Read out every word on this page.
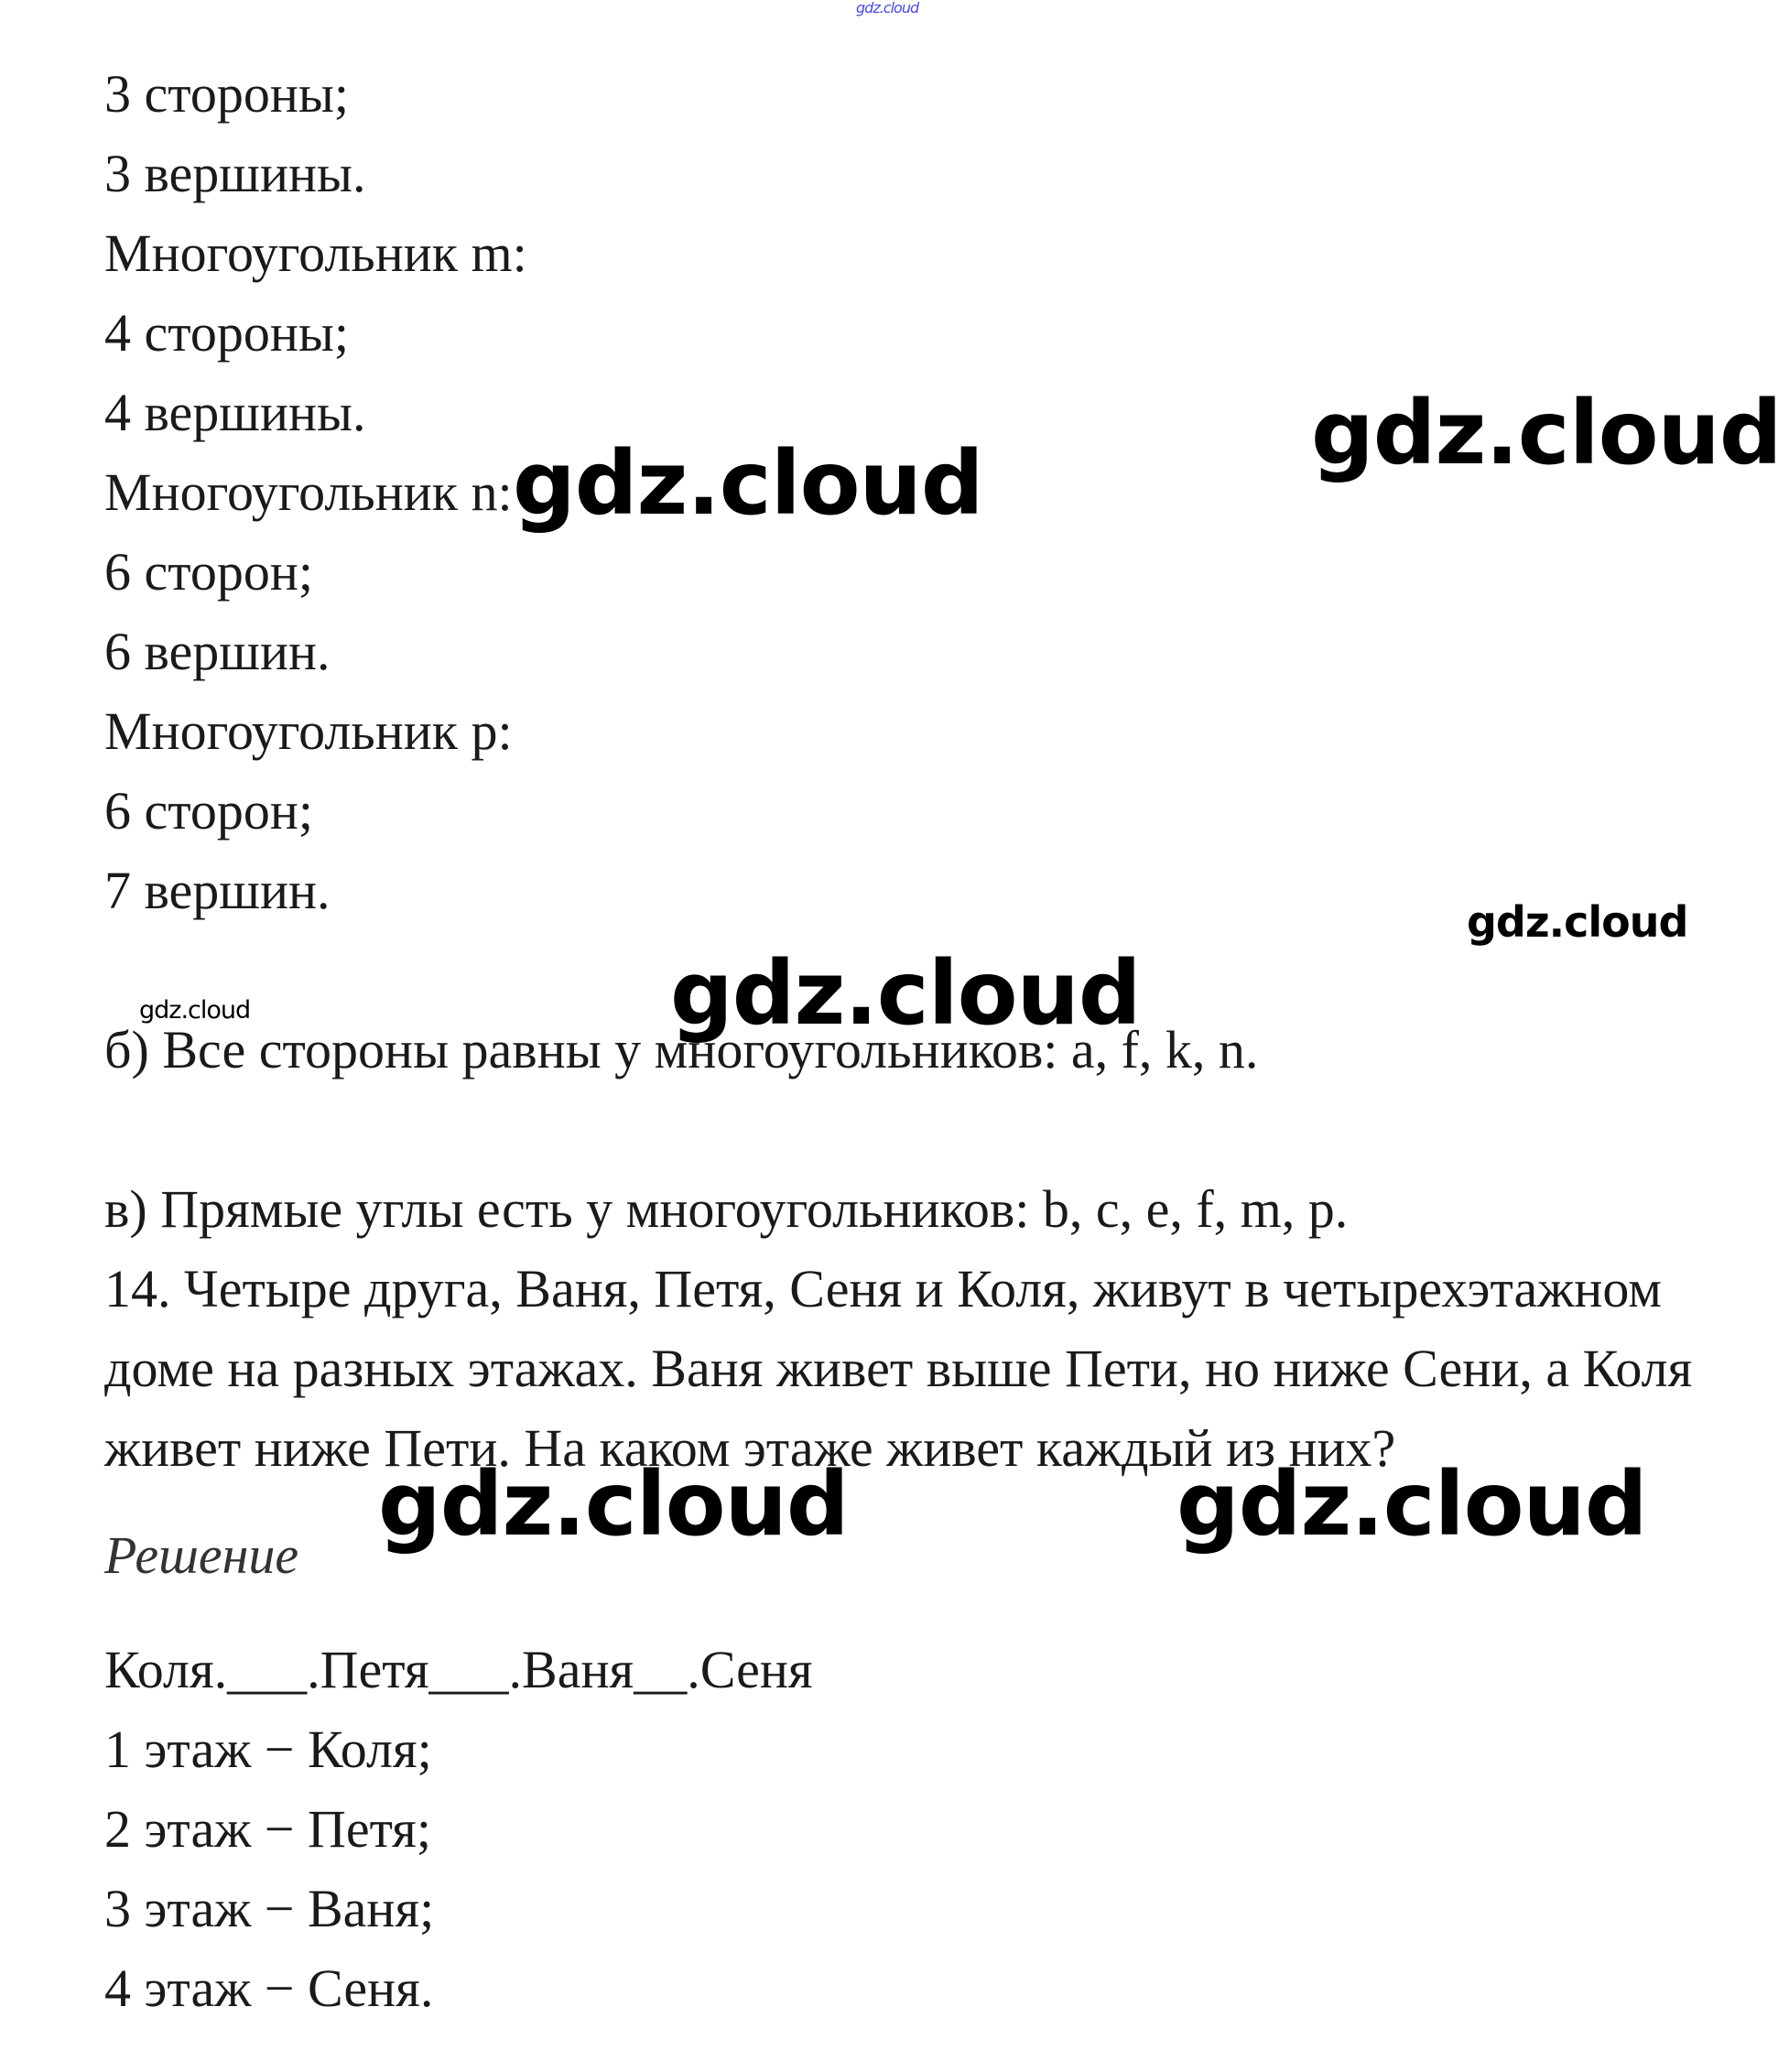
gdz.cloud
3 стороны;
3 вершины.
Многоугольник m:
4 стороны;
4 вершины.
Многоугольник n:
6 сторон;
6 вершин.
Многоугольник p:
6 сторон;
7 вершин.
б) Все стороны равны у многоугольников: a, f, k, n.
в) Прямые углы есть у многоугольников: b, c, e, f, m, p.
14. Четыре друга, Ваня, Петя, Сеня и Коля, живут в четырехэтажном
доме на разных этажах. Ваня живет выше Пети, но ниже Сени, а Коля
живет ниже Пети. На каком этаже живет каждый из них?
Решение
Коля.___.Петя___.Ваня__.Сеня
1 этаж − Коля;
2 этаж − Петя;
3 этаж − Ваня;
4 этаж − Сеня.
gdz.cloud
gdz.cloud
gdz.cloud
gdz.cloud
gdz.cloud
gdz.cloud	gdz.cloud
